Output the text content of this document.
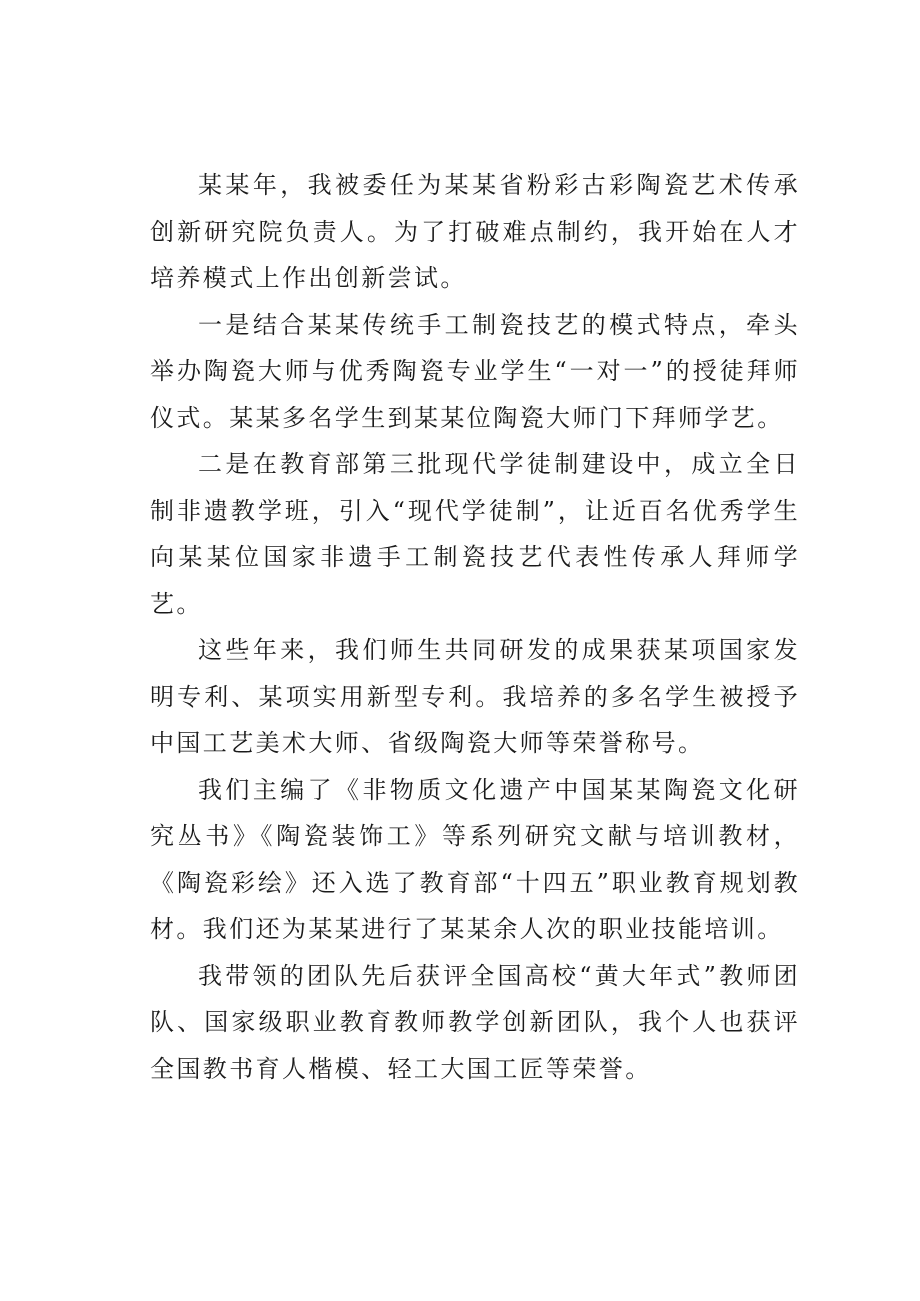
某某年，我被委任为某某省粉彩古彩陶瓷艺术传承创新研究院负责人。为了打破难点制约，我开始在人才培养模式上作出创新尝试。

一是结合某某传统手工制瓷技艺的模式特点，牵头举办陶瓷大师与优秀陶瓷专业学生“一对一”的授徒拜师仪式。某某多名学生到某某位陶瓷大师门下拜师学艺。

二是在教育部第三批现代学徒制建设中，成立全日制非遗教学班，引入“现代学徒制”，让近百名优秀学生向某某位国家非遗手工制瓷技艺代表性传承人拜师学艺。

这些年来，我们师生共同研发的成果获某项国家发明专利、某项实用新型专利。我培养的多名学生被授予中国工艺美术大师、省级陶瓷大师等荣誉称号。

我们主编了《非物质文化遗产中国某某陶瓷文化研究丛书》《陶瓷装饰工》等系列研究文献与培训教材，《陶瓷彩绘》还入选了教育部“十四五”职业教育规划教材。我们还为某某进行了某某余人次的职业技能培训。

我带领的团队先后获评全国高校“黄大年式”教师团队、国家级职业教育教师教学创新团队，我个人也获评全国教书育人楷模、轻工大国工匠等荣誉。
